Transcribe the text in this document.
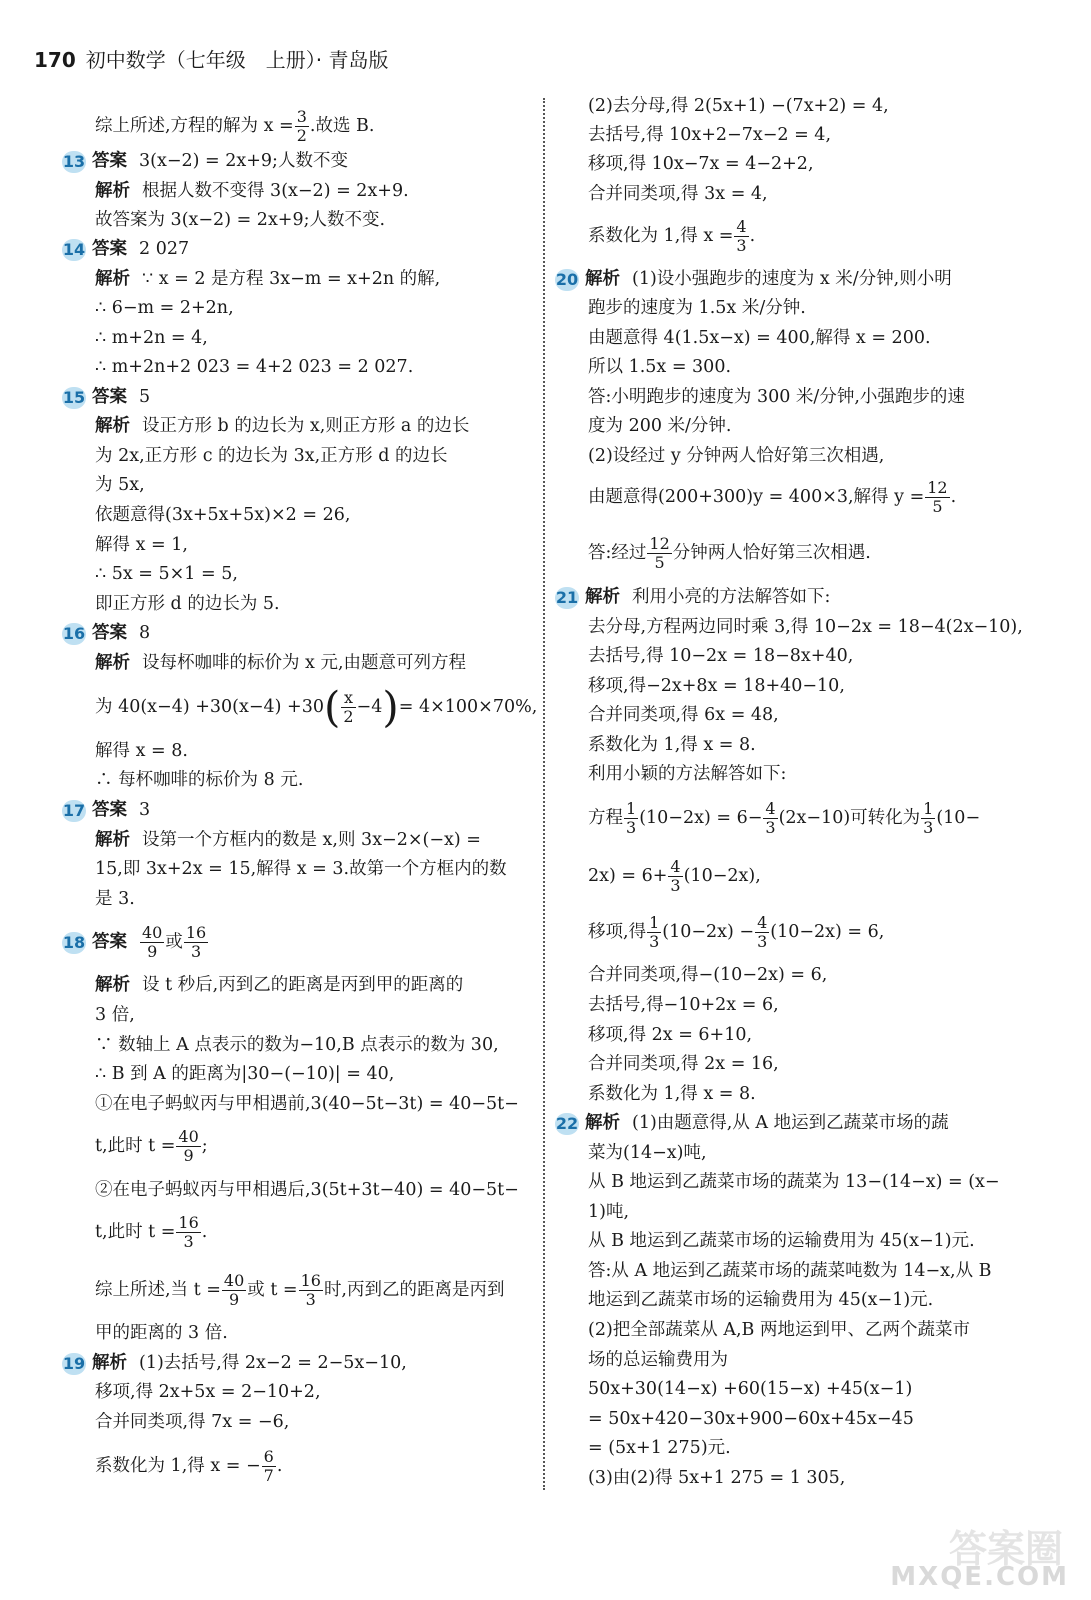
170 初中数学（七年级　上册）· 青岛版
综上所述,方程的解为 $x = \frac{3}{2}$ .故选 B.
13 答案 3(x−2) = 2x+9;人数不变
解析 根据人数不变得 3(x−2) = 2x+9.
故答案为 3(x−2) = 2x+9;人数不变.
14 答案 2 027
解析 ∵ x = 2 是方程 3x−m = x+2n 的解,
∴ 6−m = 2+2n,
∴ m+2n = 4,
∴ m+2n+2 023 = 4+2 023 = 2 027.
15 答案 5
解析 设正方形 b 的边长为 x,则正方形 a 的边长
为 2x,正方形 c 的边长为 3x,正方形 d 的边长
为 5x,
依题意得(3x+5x+5x)×2 = 26,
解得 x = 1,
∴ 5x = 5×1 = 5,
即正方形 d 的边长为 5.
16 答案 8
解析 设每杯咖啡的标价为 x 元,由题意可列方程
为 $40(x-4) +30(x-4) +30( \frac{x}{2} -4)= 4\times 100\times 70\%$,
解得 x = 8.
∴ 每杯咖啡的标价为 8 元.
17 答案 3
解析 设第一个方框内的数是 x,则 3x−2×(−x) =
15,即 3x+2x = 15,解得 x = 3.故第一个方框内的数
是 3.
18 答案 $\frac{40}{9}$ 或 $\frac{16}{3}$
解析 设 t 秒后,丙到乙的距离是丙到甲的距离的
3 倍,
∵ 数轴上 A 点表示的数为−10,B 点表示的数为 30,
∴ B 到 A 的距离为|30−(−10)| = 40,
①在电子蚂蚁丙与甲相遇前,3(40−5t−3t) = 40−5t−
t,此时 $t = \frac{40}{9}$ ;
②在电子蚂蚁丙与甲相遇后,3(5t+3t−40) = 40−5t−
t,此时 $t = \frac{16}{3}$ .
综上所述,当 $t = \frac{40}{9}$ 或 $t = \frac{16}{3}$ 时,丙到乙的距离是丙到
甲的距离的 3 倍.
19 解析 (1)去括号,得 2x−2 = 2−5x−10,
移项,得 2x+5x = 2−10+2,
合并同类项,得 7x = −6,
系数化为 1,得 x = − $\frac{6}{7}$ .
(2)去分母,得 2(5x+1) −(7x+2) = 4,
去括号,得 10x+2−7x−2 = 4,
移项,得 10x−7x = 4−2+2,
合并同类项,得 3x = 4,
系数化为 1,得 $x = \frac{4}{3}$ .
20 解析 (1)设小强跑步的速度为 x 米/分钟,则小明
跑步的速度为 1.5x 米/分钟.
由题意得 4(1.5x−x) = 400,解得 x = 200.
所以 1.5x = 300.
答:小明跑步的速度为 300 米/分钟,小强跑步的速
度为 200 米/分钟.
(2)设经过 y 分钟两人恰好第三次相遇,
由题意得(200+300)y = 400×3,解得 $y = \frac{12}{5}$ .
答:经过 $\frac{12}{5}$ 分钟两人恰好第三次相遇.
21 解析 利用小亮的方法解答如下:
去分母,方程两边同时乘 3,得 10−2x = 18−4(2x−10),
去括号,得 10−2x = 18−8x+40,
移项,得−2x+8x = 18+40−10,
合并同类项,得 6x = 48,
系数化为 1,得 x = 8.
利用小颖的方法解答如下:
方程 $\frac{1}{3} (10-2x) = 6- \frac{4}{3} (2x-10)$可转化为 $\frac{1}{3} (10-$
$2x) = 6+ \frac{4}{3} (10-2x)$,
移项,得 $\frac{1}{3} (10-2x) - \frac{4}{3} (10-2x) = 6$,
合并同类项,得−(10−2x) = 6,
去括号,得−10+2x = 6,
移项,得 2x = 6+10,
合并同类项,得 2x = 16,
系数化为 1,得 x = 8.
22 解析 (1)由题意得,从 A 地运到乙蔬菜市场的蔬
菜为(14−x)吨,
从 B 地运到乙蔬菜市场的蔬菜为 13−(14−x) = (x−
1)吨,
从 B 地运到乙蔬菜市场的运输费用为 45(x−1)元.
答:从 A 地运到乙蔬菜市场的蔬菜吨数为 14−x,从 B
地运到乙蔬菜市场的运输费用为 45(x−1)元.
(2)把全部蔬菜从 A,B 两地运到甲、乙两个蔬菜市
场的总运输费用为
50x+30(14−x) +60(15−x) +45(x−1)
= 50x+420−30x+900−60x+45x−45
= (5x+1 275)元.
(3)由(2)得 5x+1 275 = 1 305,
答案圈
MXQE.COM
